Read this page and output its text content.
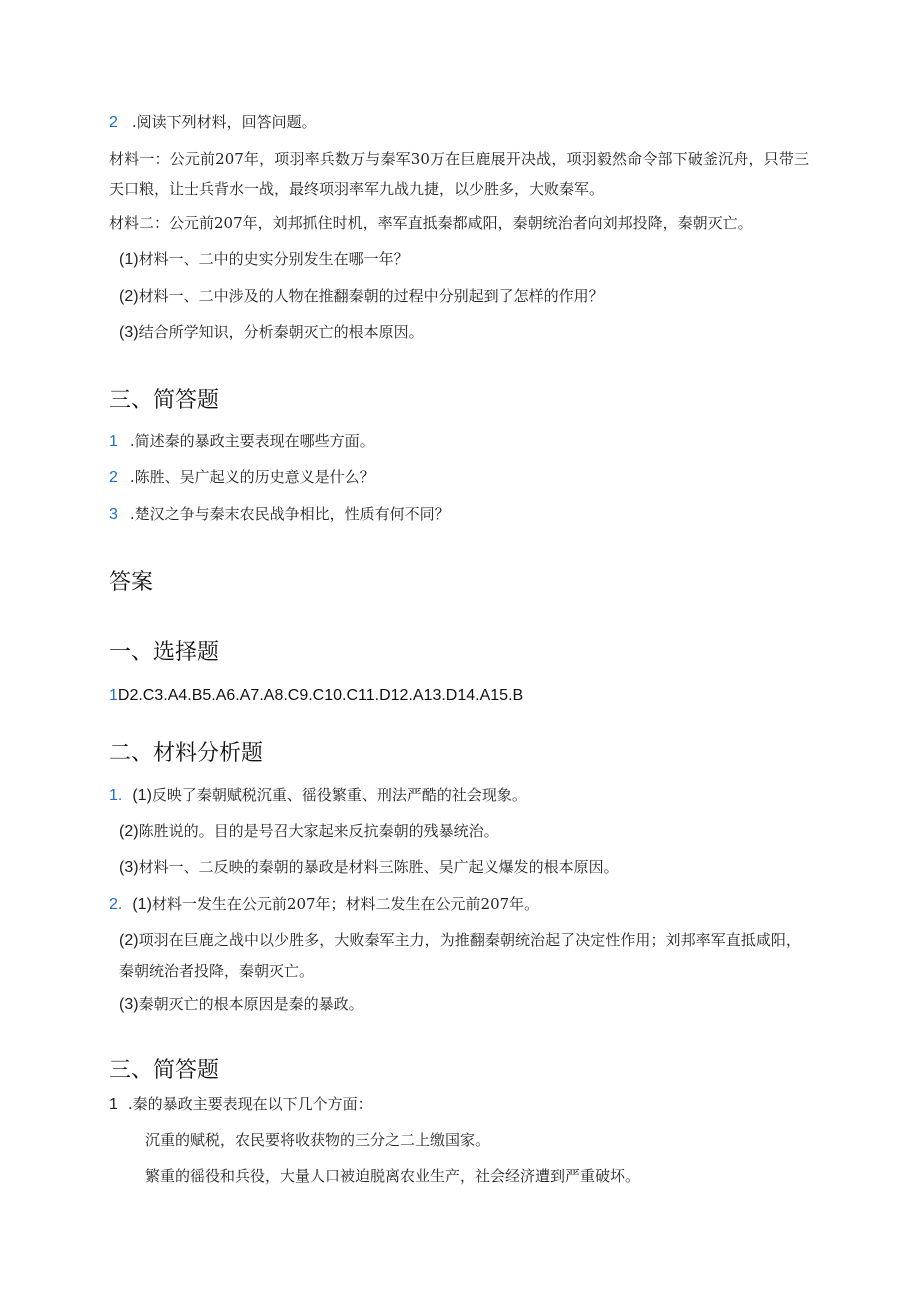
2 .阅读下列材料，回答问题。
材料一：公元前207年，项羽率兵数万与秦军30万在巨鹿展开决战，项羽毅然命令部下破釜沉舟，只带三天口粮，让士兵背水一战，最终项羽率军九战九捷，以少胜多，大败秦军。
材料二：公元前207年，刘邦抓住时机，率军直抵秦都咸阳，秦朝统治者向刘邦投降，秦朝灭亡。
(1)材料一、二中的史实分别发生在哪一年？
(2)材料一、二中涉及的人物在推翻秦朝的过程中分别起到了怎样的作用？
(3)结合所学知识，分析秦朝灭亡的根本原因。
三、简答题
1 .简述秦的暴政主要表现在哪些方面。
2 .陈胜、吴广起义的历史意义是什么？
3 .楚汉之争与秦末农民战争相比，性质有何不同？
答案
一、选择题
1D2.C3.A4.B5.A6.A7.A8.C9.C10.C11.D12.A13.D14.A15.B
二、材料分析题
1. (1)反映了秦朝赋税沉重、徭役繁重、刑法严酷的社会现象。
(2)陈胜说的。目的是号召大家起来反抗秦朝的残暴统治。
(3)材料一、二反映的秦朝的暴政是材料三陈胜、吴广起义爆发的根本原因。
2. (1)材料一发生在公元前207年；材料二发生在公元前207年。
(2)项羽在巨鹿之战中以少胜多，大败秦军主力，为推翻秦朝统治起了决定性作用；刘邦率军直抵咸阳，秦朝统治者投降，秦朝灭亡。
(3)秦朝灭亡的根本原因是秦的暴政。
三、简答题
1 .秦的暴政主要表现在以下几个方面：
沉重的赋税，农民要将收获物的三分之二上缴国家。
繁重的徭役和兵役，大量人口被迫脱离农业生产，社会经济遭到严重破坏。
